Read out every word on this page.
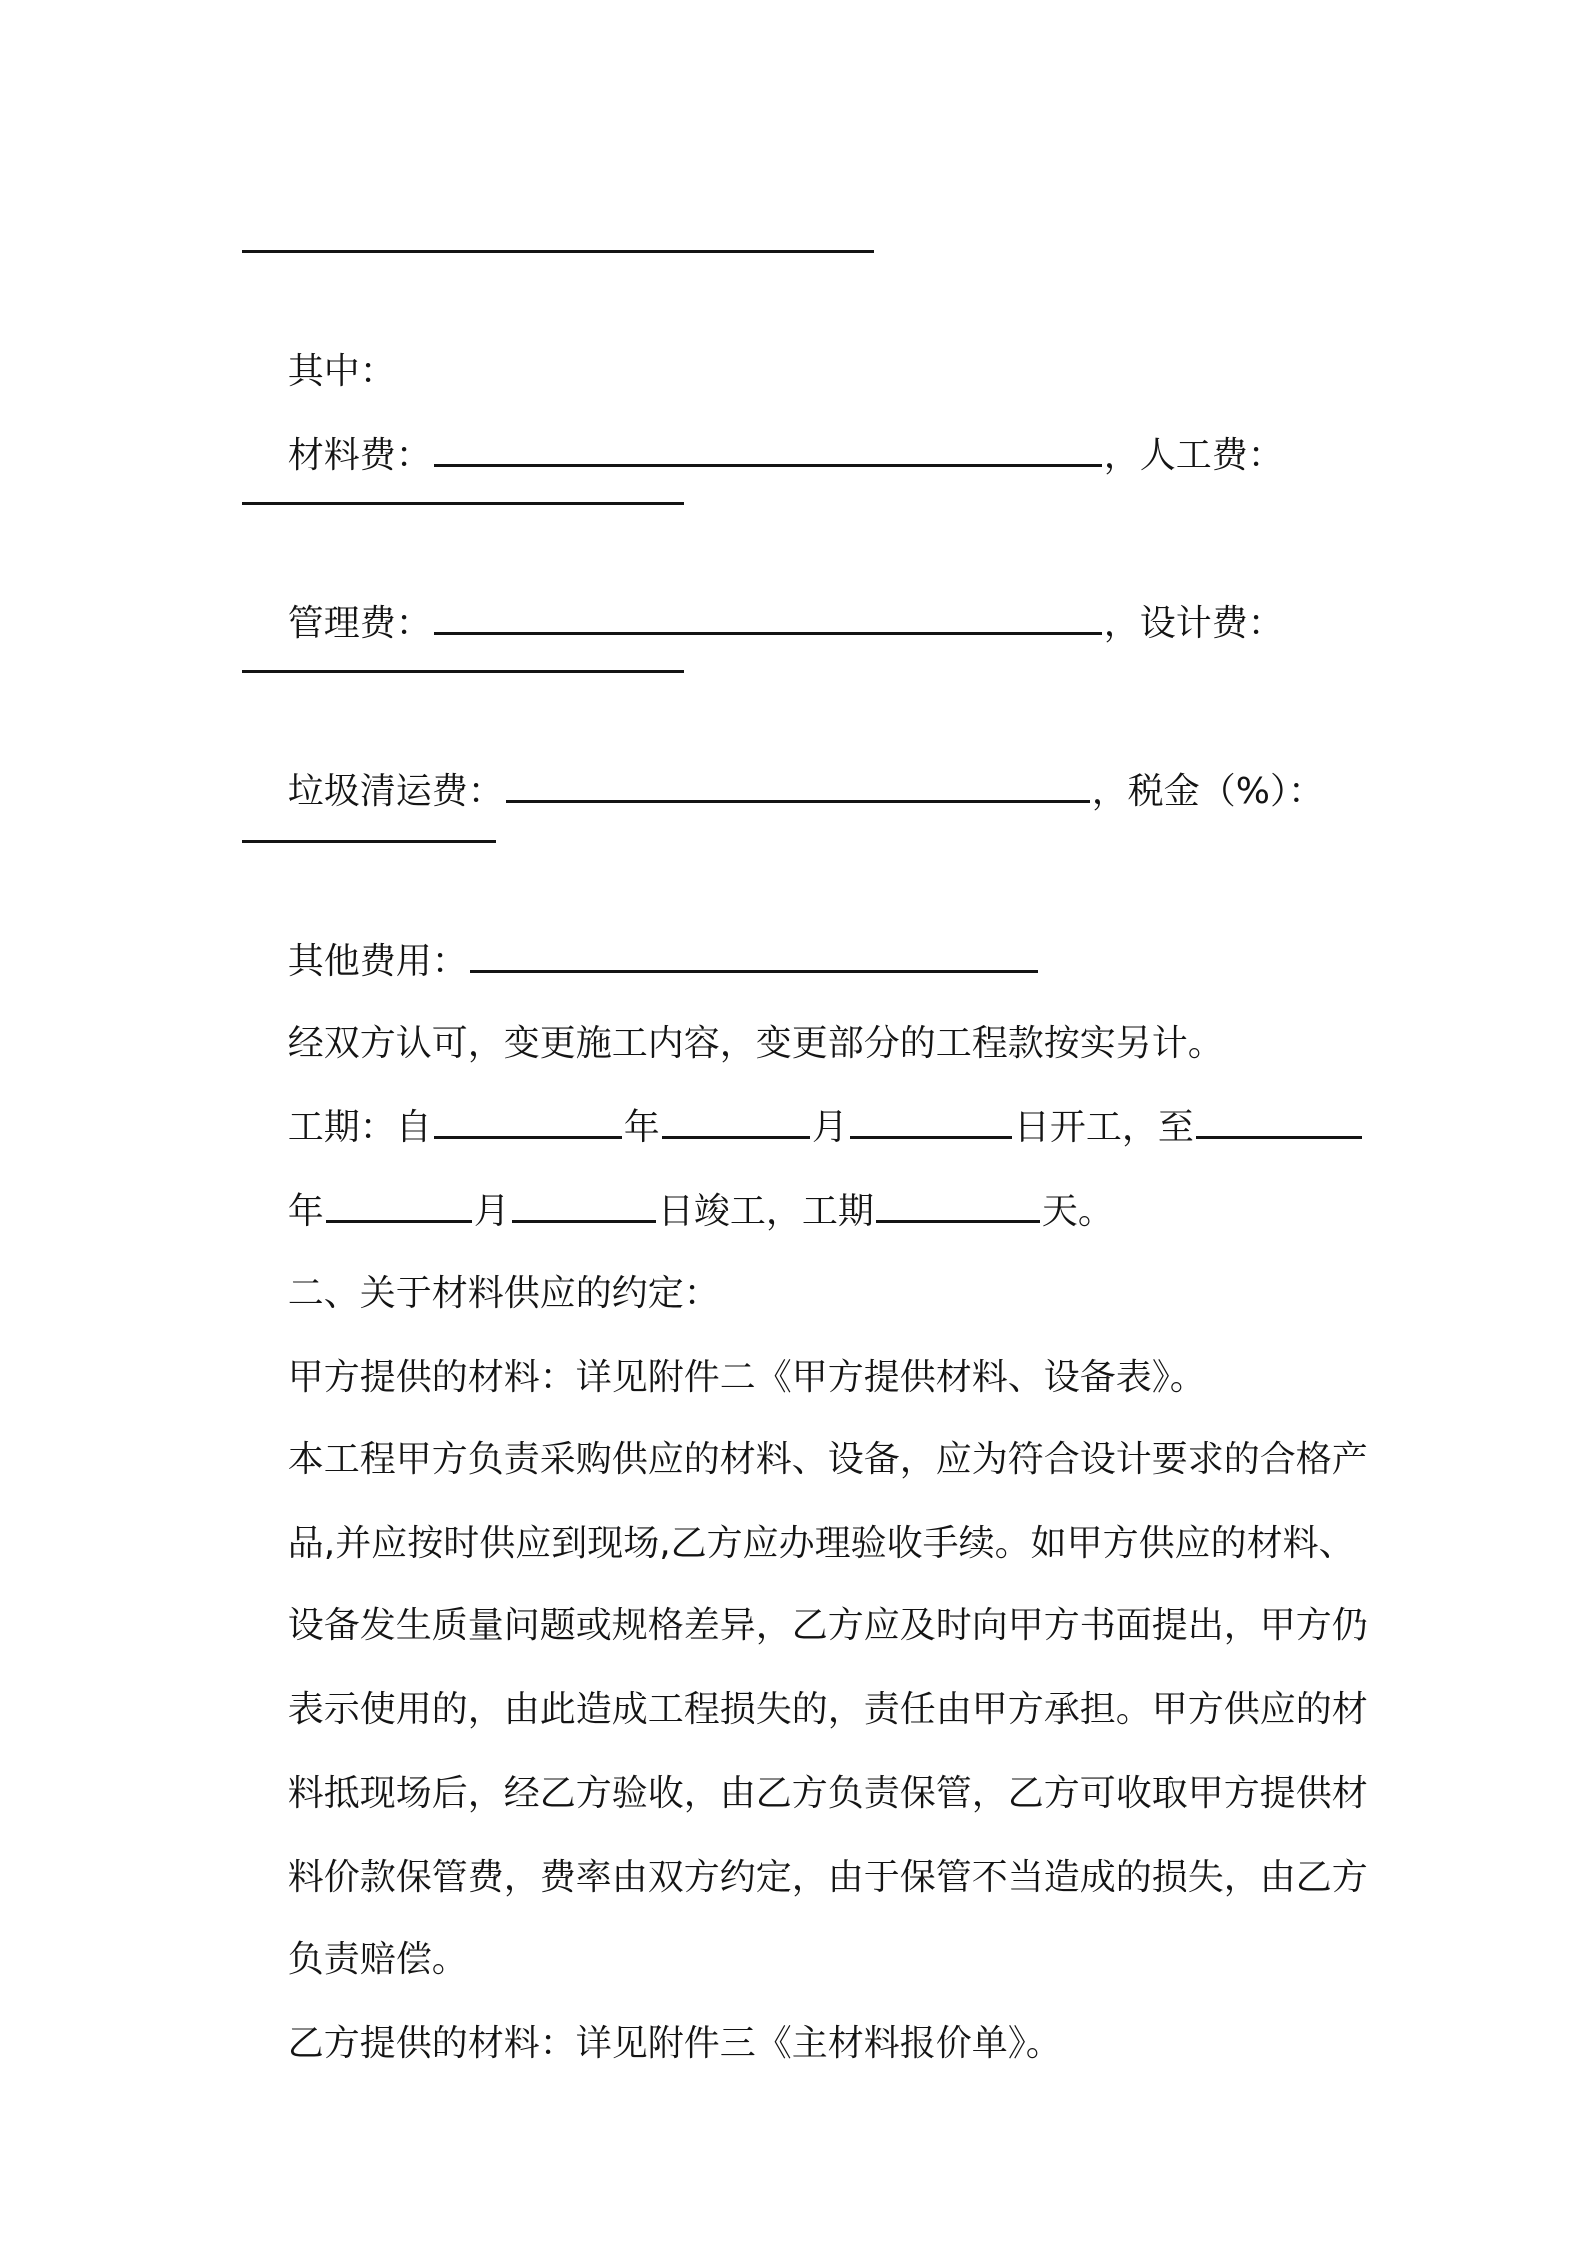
其中：

材料费：	，人工费：

管理费：	，设计费：

垃圾清运费：	，税金（%）：

其他费用：

经双方认可，变更施工内容，变更部分的工程款按实另计。

工期：自	年	月	日开工，至

年	月	日竣工，工期	天。

二、关于材料供应的约定：

甲方提供的材料：详见附件二《甲方提供材料、设备表》。

本工程甲方负责采购供应的材料、设备，应为符合设计要求的合格产

品,并应按时供应到现场,乙方应办理验收手续。如甲方供应的材料、

设备发生质量问题或规格差异，乙方应及时向甲方书面提出，甲方仍

表示使用的，由此造成工程损失的，责任由甲方承担。甲方供应的材

料抵现场后，经乙方验收，由乙方负责保管，乙方可收取甲方提供材

料价款保管费，费率由双方约定，由于保管不当造成的损失，由乙方

负责赔偿。

乙方提供的材料：详见附件三《主材料报价单》。
